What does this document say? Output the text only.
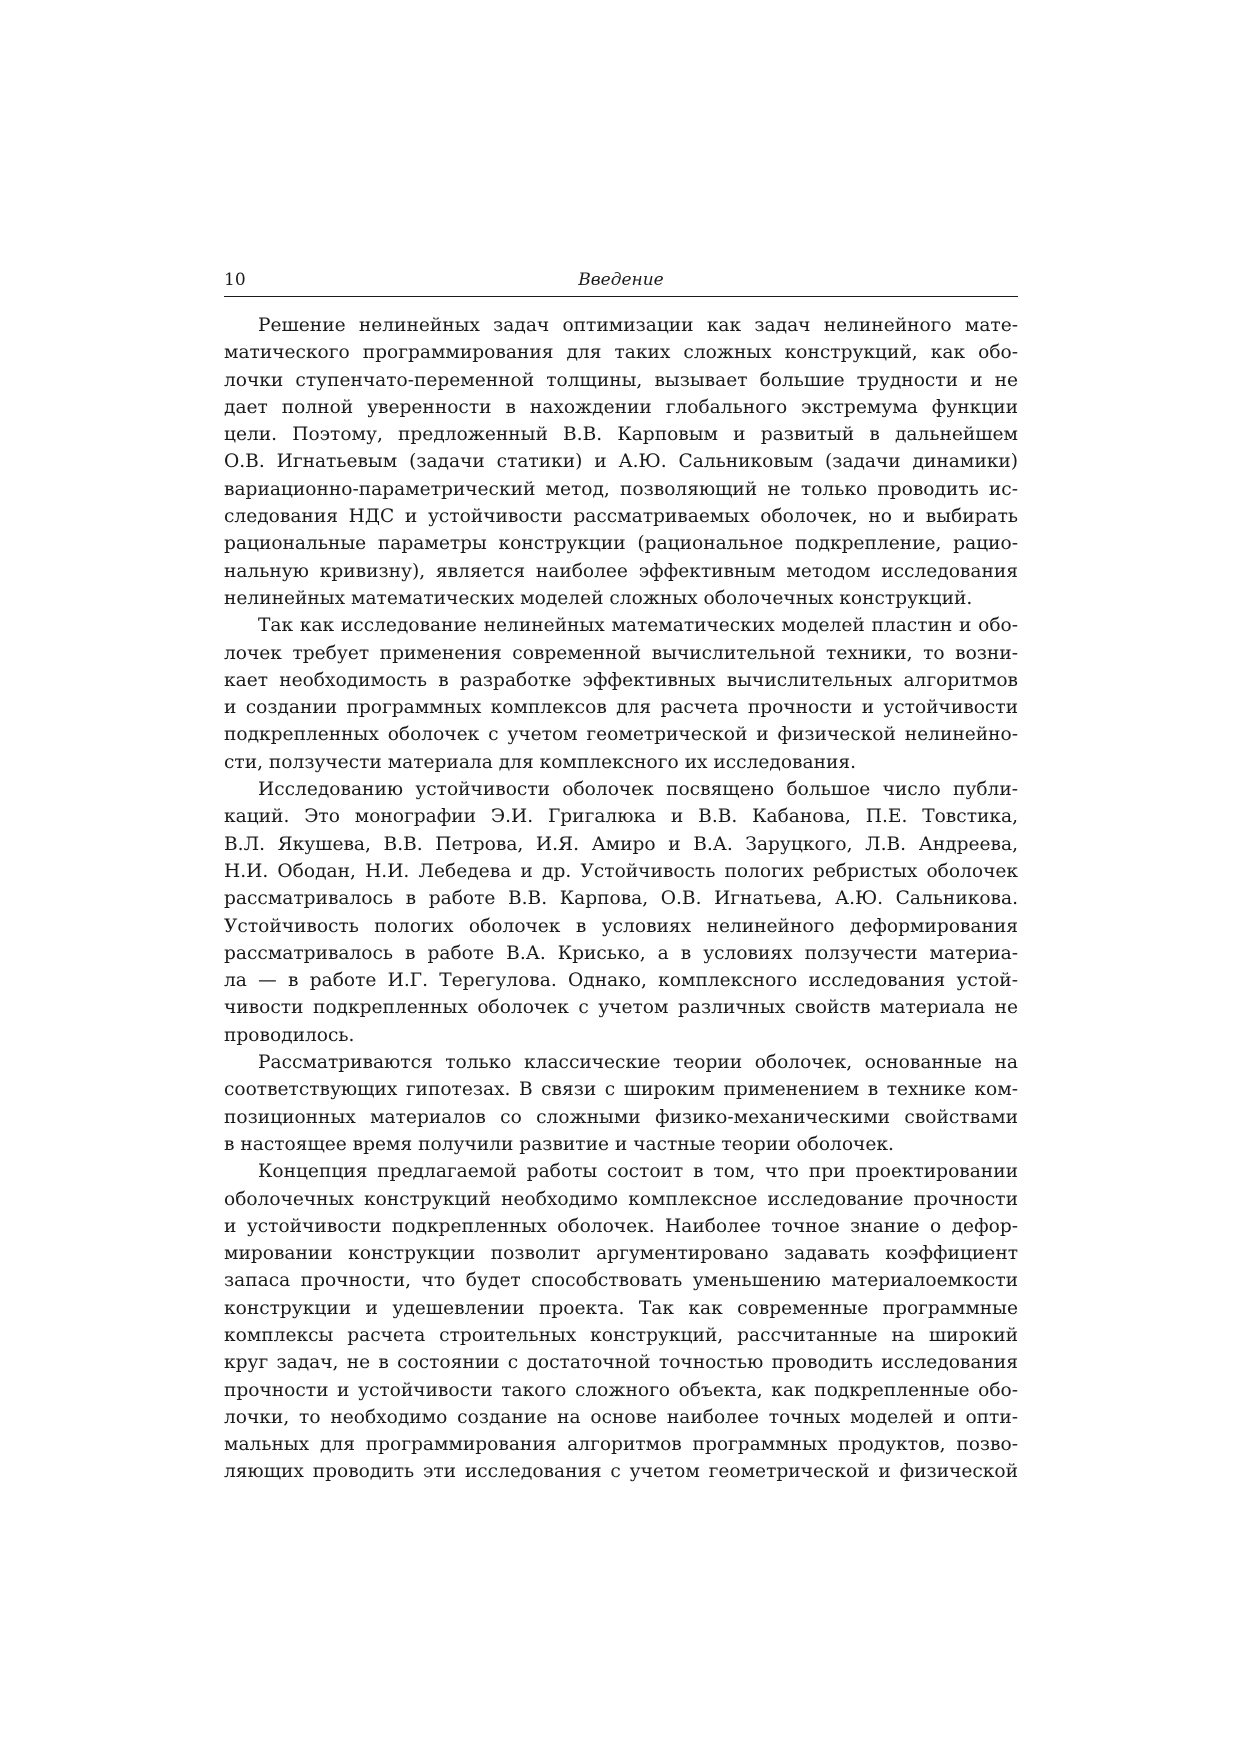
10	Введение

Решение нелинейных задач оптимизации как задач нелинейного мате-
матического программирования для таких сложных конструкций, как обо-
лочки ступенчато-переменной толщины, вызывает большие трудности и не
дает полной уверенности в нахождении глобального экстремума функции
цели. Поэтому, предложенный В.В. Карповым и развитый в дальнейшем
О.В. Игнатьевым (задачи статики) и А.Ю. Сальниковым (задачи динамики)
вариационно-параметрический метод, позволяющий не только проводить ис-
следования НДС и устойчивости рассматриваемых оболочек, но и выбирать
рациональные параметры конструкции (рациональное подкрепление, рацио-
нальную кривизну), является наиболее эффективным методом исследования
нелинейных математических моделей сложных оболочечных конструкций.

Так как исследование нелинейных математических моделей пластин и обо-
лочек требует применения современной вычислительной техники, то возни-
кает необходимость в разработке эффективных вычислительных алгоритмов
и создании программных комплексов для расчета прочности и устойчивости
подкрепленных оболочек с учетом геометрической и физической нелинейно-
сти, ползучести материала для комплексного их исследования.

Исследованию устойчивости оболочек посвящено большое число публи-
каций. Это монографии Э.И. Григалюка и В.В. Кабанова, П.Е. Товстика,
В.Л. Якушева, В.В. Петрова, И.Я. Амиро и В.А. Заруцкого, Л.В. Андреева,
Н.И. Ободан, Н.И. Лебедева и др. Устойчивость пологих ребристых оболочек
рассматривалось в работе В.В. Карпова, О.В. Игнатьева, А.Ю. Сальникова.
Устойчивость пологих оболочек в условиях нелинейного деформирования
рассматривалось в работе В.А. Крисько, а в условиях ползучести материа-
ла — в работе И.Г. Терегулова. Однако, комплексного исследования устой-
чивости подкрепленных оболочек с учетом различных свойств материала не
проводилось.

Рассматриваются только классические теории оболочек, основанные на
соответствующих гипотезах. В связи с широким применением в технике ком-
позиционных материалов со сложными физико-механическими свойствами
в настоящее время получили развитие и частные теории оболочек.

Концепция предлагаемой работы состоит в том, что при проектировании
оболочечных конструкций необходимо комплексное исследование прочности
и устойчивости подкрепленных оболочек. Наиболее точное знание о дефор-
мировании конструкции позволит аргументировано задавать коэффициент
запаса прочности, что будет способствовать уменьшению материалоемкости
конструкции и удешевлении проекта. Так как современные программные
комплексы расчета строительных конструкций, рассчитанные на широкий
круг задач, не в состоянии с достаточной точностью проводить исследования
прочности и устойчивости такого сложного объекта, как подкрепленные обо-
лочки, то необходимо создание на основе наиболее точных моделей и опти-
мальных для программирования алгоритмов программных продуктов, позво-
ляющих проводить эти исследования с учетом геометрической и физической
